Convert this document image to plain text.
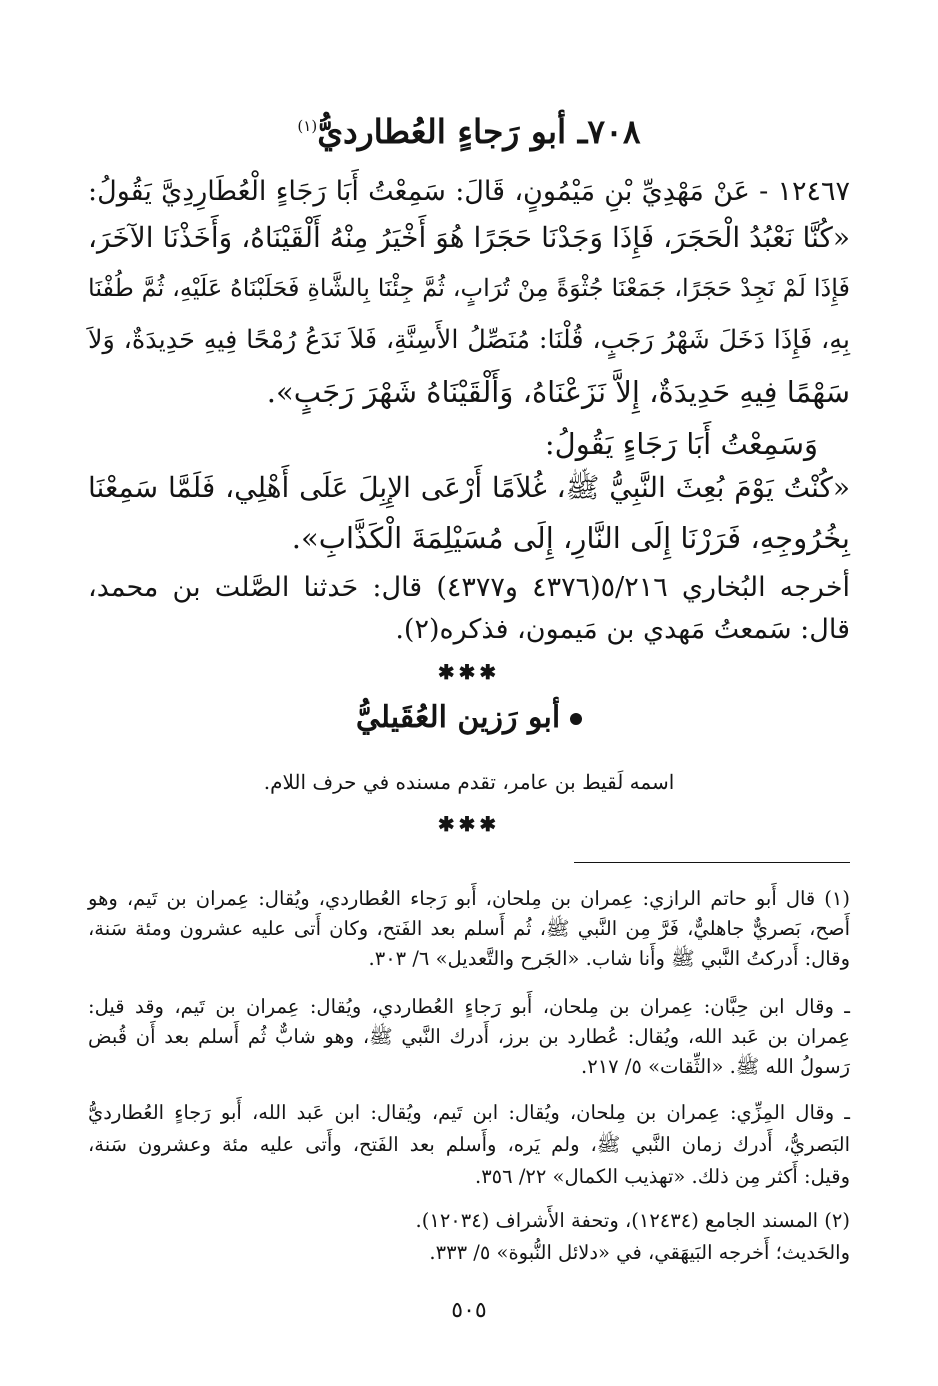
٧٠٨ـ أبو رَجاءٍ العُطارديُّ$^{(١)}$
١٢٤٦٧ - عَنْ مَهْدِيِّ بْنِ مَيْمُونٍ، قَالَ: سَمِعْتُ أَبَا رَجَاءٍ الْعُطَارِدِيَّ يَقُولُ:
«كُنَّا نَعْبُدُ الْحَجَرَ، فَإِذَا وَجَدْنَا حَجَرًا هُوَ أَخْيَرُ مِنْهُ أَلْقَيْنَاهُ، وَأَخَذْنَا الآخَرَ،
فَإِذَا لَمْ نَجِدْ حَجَرًا، جَمَعْنَا جُثْوَةً مِنْ تُرَابٍ، ثُمَّ جِئْنَا بِالشَّاةِ فَحَلَبْنَاهُ عَلَيْهِ، ثُمَّ طُفْنَا
بِهِ، فَإِذَا دَخَلَ شَهْرُ رَجَبٍ، قُلْنَا: مُنَصِّلُ الأَسِنَّةِ، فَلاَ نَدَعُ رُمْحًا فِيهِ حَدِيدَةٌ، وَلاَ
سَهْمًا فِيهِ حَدِيدَةٌ، إِلاَّ نَزَعْنَاهُ، وَأَلْقَيْنَاهُ شَهْرَ رَجَبٍ».
وَسَمِعْتُ أَبَا رَجَاءٍ يَقُولُ:
«كُنْتُ يَوْمَ بُعِثَ النَّبِيُّ ﷺ، غُلاَمًا أَرْعَى الإِبِلَ عَلَى أَهْلِي، فَلَمَّا سَمِعْنَا
بِخُرُوجِهِ، فَرَرْنَا إِلَى النَّارِ، إِلَى مُسَيْلِمَةَ الْكَذَّابِ».
أخرجه البُخاري ٥/٢١٦(٤٣٧٦ و٤٣٧٧) قال: حَدثنا الصَّلت بن محمد،
قال: سَمعتُ مَهدي بن مَيمون، فذكره(٢).
✱✱✱
أبو رَزين العُقَيليُّ
اسمه لَقيط بن عامر، تقدم مسنده في حرف اللام.
✱✱✱
(١) قال أَبو حاتم الرازي: عِمران بن مِلحان، أَبو رَجاء العُطاردي، ويُقال: عِمران بن تَيم، وهو
أَصح، بَصريٌّ جاهليٌّ، فَرَّ مِن النَّبي ﷺ، ثُم أَسلم بعد الفَتح، وكان أَتى عليه عشرون ومئة سَنة،
وقال: أَدركتُ النَّبي ﷺ وأَنا شاب. «الجَرح والتَّعديل» ٦/ ٣٠٣.
ـ وقال ابن حِبَّان: عِمران بن مِلحان، أَبو رَجاءٍ العُطاردي، ويُقال: عِمران بن تَيم، وقد قيل:
عِمران بن عَبد الله، ويُقال: عُطارد بن برز، أَدرك النَّبي ﷺ، وهو شابٌّ ثُم أَسلم بعد أَن قُبض
رَسولُ الله ﷺ. «الثِّقات» ٥/ ٢١٧.
ـ وقال المِزِّي: عِمران بن مِلحان، ويُقال: ابن تَيم، ويُقال: ابن عَبد الله، أَبو رَجاءٍ العُطارديُّ
البَصريُّ، أَدرك زمان النَّبي ﷺ، ولم يَره، وأَسلم بعد الفَتح، وأَتى عليه مئة وعشرون سَنة،
وقيل: أَكثر مِن ذلك. «تهذيب الكمال» ٢٢/ ٣٥٦.
(٢) المسند الجامع (١٢٤٣٤)، وتحفة الأَشراف (١٢٠٣٤).
والحَديث؛ أَخرجه البَيهَقي، في «دلائل النُّبوة» ٥/ ٣٣٣.
٥٠٥
